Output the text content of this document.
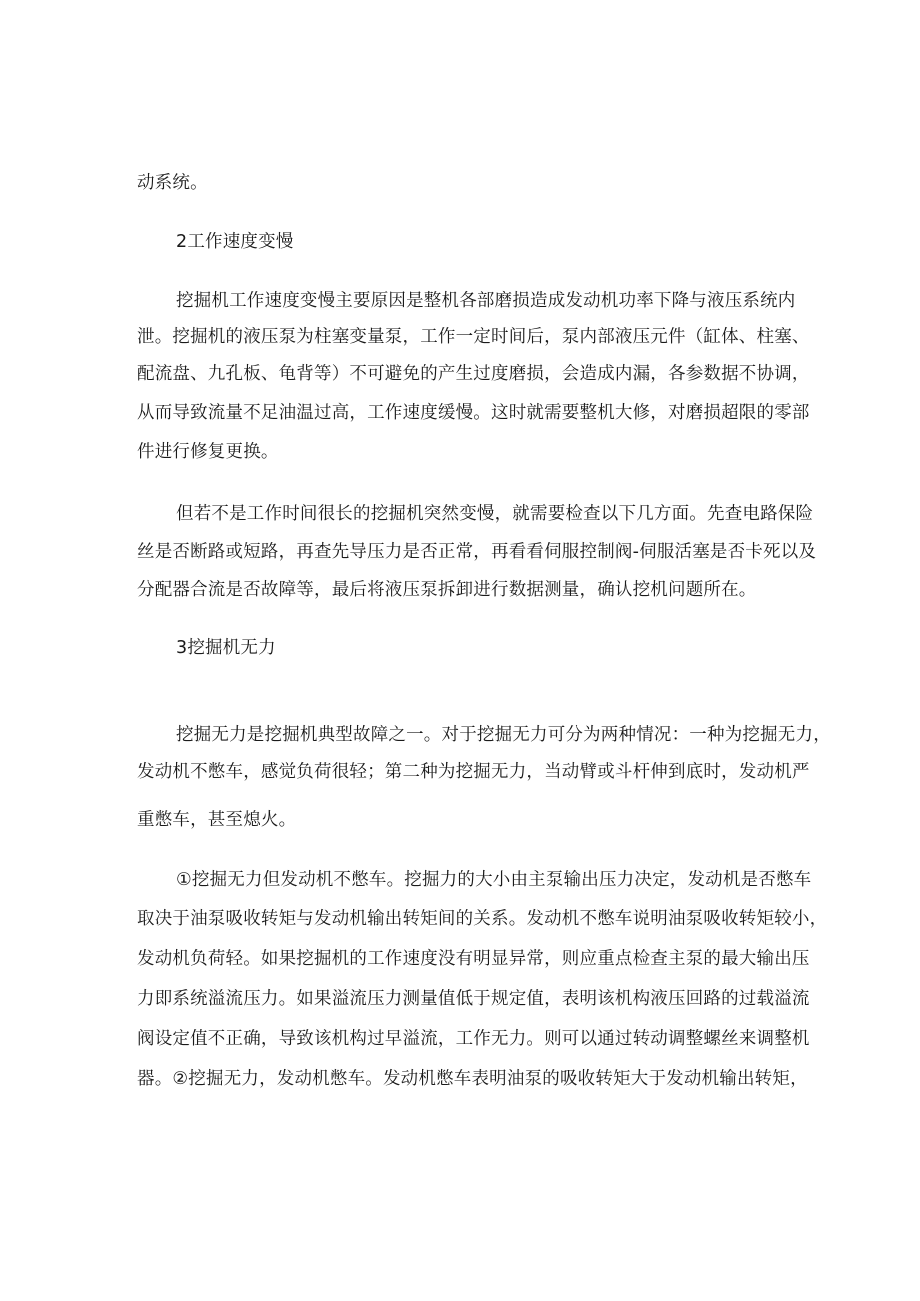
动系统。
2工作速度变慢
挖掘机工作速度变慢主要原因是整机各部磨损造成发动机功率下降与液压系统内
泄。挖掘机的液压泵为柱塞变量泵，工作一定时间后，泵内部液压元件（缸体、柱塞、
配流盘、九孔板、龟背等）不可避免的产生过度磨损，会造成内漏，各参数据不协调，
从而导致流量不足油温过高，工作速度缓慢。这时就需要整机大修，对磨损超限的零部
件进行修复更换。
但若不是工作时间很长的挖掘机突然变慢，就需要检查以下几方面。先查电路保险
丝是否断路或短路，再查先导压力是否正常，再看看伺服控制阀-伺服活塞是否卡死以及
分配器合流是否故障等，最后将液压泵拆卸进行数据测量，确认挖机问题所在。
3挖掘机无力
挖掘无力是挖掘机典型故障之一。对于挖掘无力可分为两种情况：一种为挖掘无力，
发动机不憋车，感觉负荷很轻；第二种为挖掘无力，当动臂或斗杆伸到底时，发动机严
重憋车，甚至熄火。
①挖掘无力但发动机不憋车。挖掘力的大小由主泵输出压力决定，发动机是否憋车
取决于油泵吸收转矩与发动机输出转矩间的关系。发动机不憋车说明油泵吸收转矩较小，
发动机负荷轻。如果挖掘机的工作速度没有明显异常，则应重点检查主泵的最大输出压
力即系统溢流压力。如果溢流压力测量值低于规定值，表明该机构液压回路的过载溢流
阀设定值不正确，导致该机构过早溢流，工作无力。则可以通过转动调整螺丝来调整机
器。②挖掘无力，发动机憋车。发动机憋车表明油泵的吸收转矩大于发动机输出转矩，
